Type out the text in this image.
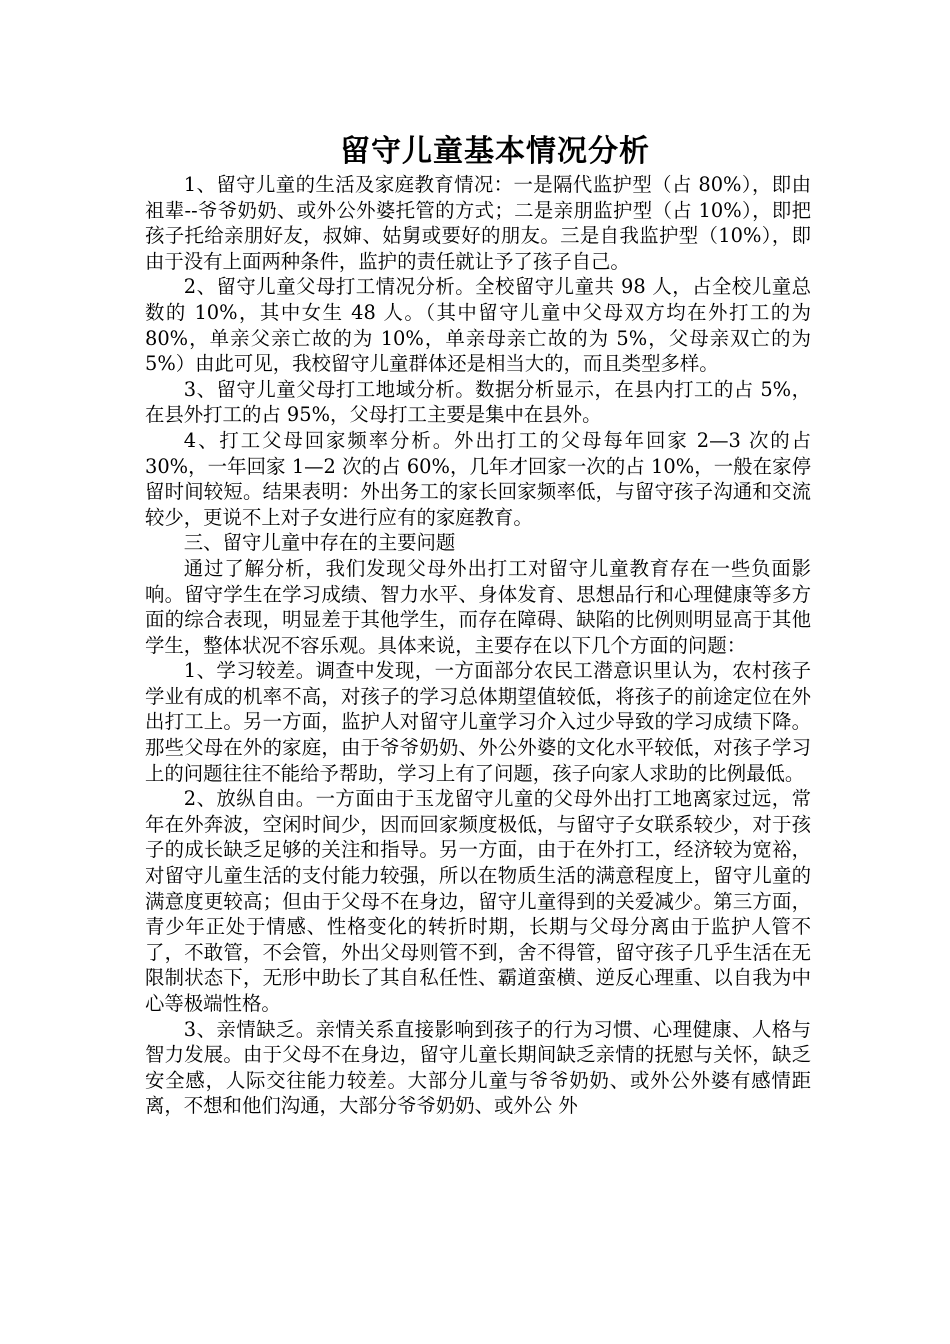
留守儿童基本情况分析

1、留守儿童的生活及家庭教育情况：一是隔代监护型（占 80%），即由祖辈--爷爷奶奶、或外公外婆托管的方式；二是亲朋监护型（占 10%），即把孩子托给亲朋好友，叔婶、姑舅或要好的朋友。三是自我监护型（10%），即由于没有上面两种条件，监护的责任就让予了孩子自己。

2、留守儿童父母打工情况分析。全校留守儿童共 98 人，占全校儿童总数的 10%，其中女生 48 人。（其中留守儿童中父母双方均在外打工的为 80%，单亲父亲亡故的为 10%，单亲母亲亡故的为 5%，父母亲双亡的为 5%）由此可见，我校留守儿童群体还是相当大的，而且类型多样。

3、留守儿童父母打工地域分析。数据分析显示，在县内打工的占 5%，在县外打工的占 95%，父母打工主要是集中在县外。

4、打工父母回家频率分析。外出打工的父母每年回家 2—3 次的占 30%，一年回家 1—2 次的占 60%，几年才回家一次的占 10%，一般在家停留时间较短。结果表明：外出务工的家长回家频率低，与留守孩子沟通和交流较少，更说不上对子女进行应有的家庭教育。

三、留守儿童中存在的主要问题

通过了解分析，我们发现父母外出打工对留守儿童教育存在一些负面影响。留守学生在学习成绩、智力水平、身体发育、思想品行和心理健康等多方面的综合表现，明显差于其他学生，而存在障碍、缺陷的比例则明显高于其他学生，整体状况不容乐观。具体来说，主要存在以下几个方面的问题：

1、学习较差。调查中发现，一方面部分农民工潜意识里认为，农村孩子学业有成的机率不高，对孩子的学习总体期望值较低，将孩子的前途定位在外出打工上。另一方面，监护人对留守儿童学习介入过少导致的学习成绩下降。那些父母在外的家庭，由于爷爷奶奶、外公外婆的文化水平较低，对孩子学习上的问题往往不能给予帮助，学习上有了问题，孩子向家人求助的比例最低。

2、放纵自由。一方面由于玉龙留守儿童的父母外出打工地离家过远，常年在外奔波，空闲时间少，因而回家频度极低，与留守子女联系较少，对于孩子的成长缺乏足够的关注和指导。另一方面，由于在外打工，经济较为宽裕，对留守儿童生活的支付能力较强，所以在物质生活的满意程度上，留守儿童的满意度更较高；但由于父母不在身边，留守儿童得到的关爱减少。第三方面，青少年正处于情感、性格变化的转折时期，长期与父母分离由于监护人管不了，不敢管，不会管，外出父母则管不到，舍不得管，留守孩子几乎生活在无限制状态下，无形中助长了其自私任性、霸道蛮横、逆反心理重、以自我为中心等极端性格。

3、亲情缺乏。亲情关系直接影响到孩子的行为习惯、心理健康、人格与智力发展。由于父母不在身边，留守儿童长期间缺乏亲情的抚慰与关怀，缺乏安全感，人际交往能力较差。大部分儿童与爷爷奶奶、或外公外婆有感情距离，不想和他们沟通，大部分爷爷奶奶、或外公 外
